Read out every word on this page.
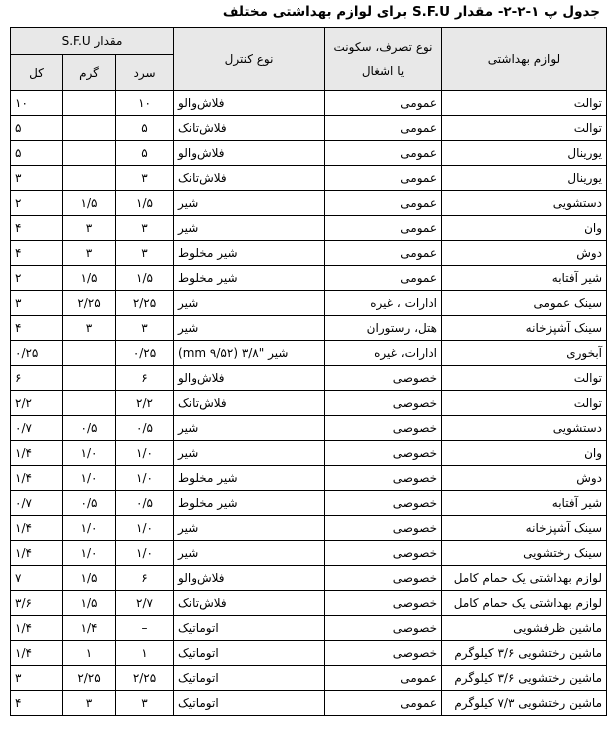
جدول پ ۱-۲-۲- مقدار S.F.U برای لوازم بهداشتی مختلف
لوازم بهداشتی	نوع تصرف، سکونت یا اشغال	نوع کنترل	مقدار S.F.U		
			سرد	گرم	کل
توالت	عمومی	فلاش‌والو	۱۰		۱۰
توالت	عمومی	فلاش‌تانک	۵		۵
یورینال	عمومی	فلاش‌والو	۵		۵
یورینال	عمومی	فلاش‌تانک	۳		۳
دستشویی	عمومی	شیر	۱/۵	۱/۵	۲
وان	عمومی	شیر	۳	۳	۴
دوش	عمومی	شیر مخلوط	۳	۳	۴
شیر آفتابه	عمومی	شیر مخلوط	۱/۵	۱/۵	۲
سینک عمومی	ادارات ، غیره	شیر	۲/۲۵	۲/۲۵	۳
سینک آشپزخانه	هتل، رستوران	شیر	۳	۳	۴
آبخوری	ادارات، غیره	شیر "۳/۸ (۹/۵۲ mm)	۰/۲۵		۰/۲۵
توالت	خصوصی	فلاش‌والو	۶		۶
توالت	خصوصی	فلاش‌تانک	۲/۲		۲/۲
دستشویی	خصوصی	شیر	۰/۵	۰/۵	۰/۷
وان	خصوصی	شیر	۱/۰	۱/۰	۱/۴
دوش	خصوصی	شیر مخلوط	۱/۰	۱/۰	۱/۴
شیر آفتابه	خصوصی	شیر مخلوط	۰/۵	۰/۵	۰/۷
سینک آشپزخانه	خصوصی	شیر	۱/۰	۱/۰	۱/۴
سینک رختشویی	خصوصی	شیر	۱/۰	۱/۰	۱/۴
لوازم بهداشتی یک حمام کامل	خصوصی	فلاش‌والو	۶	۱/۵	۷
لوازم بهداشتی یک حمام کامل	خصوصی	فلاش‌تانک	۲/۷	۱/۵	۳/۶
ماشین ظرفشویی	خصوصی	اتوماتیک	–	۱/۴	۱/۴
ماشین رختشویی ۳/۶ کیلوگرم	خصوصی	اتوماتیک	۱	۱	۱/۴
ماشین رختشویی ۳/۶ کیلوگرم	عمومی	اتوماتیک	۲/۲۵	۲/۲۵	۳
ماشین رختشویی ۷/۳ کیلوگرم	عمومی	اتوماتیک	۳	۳	۴
